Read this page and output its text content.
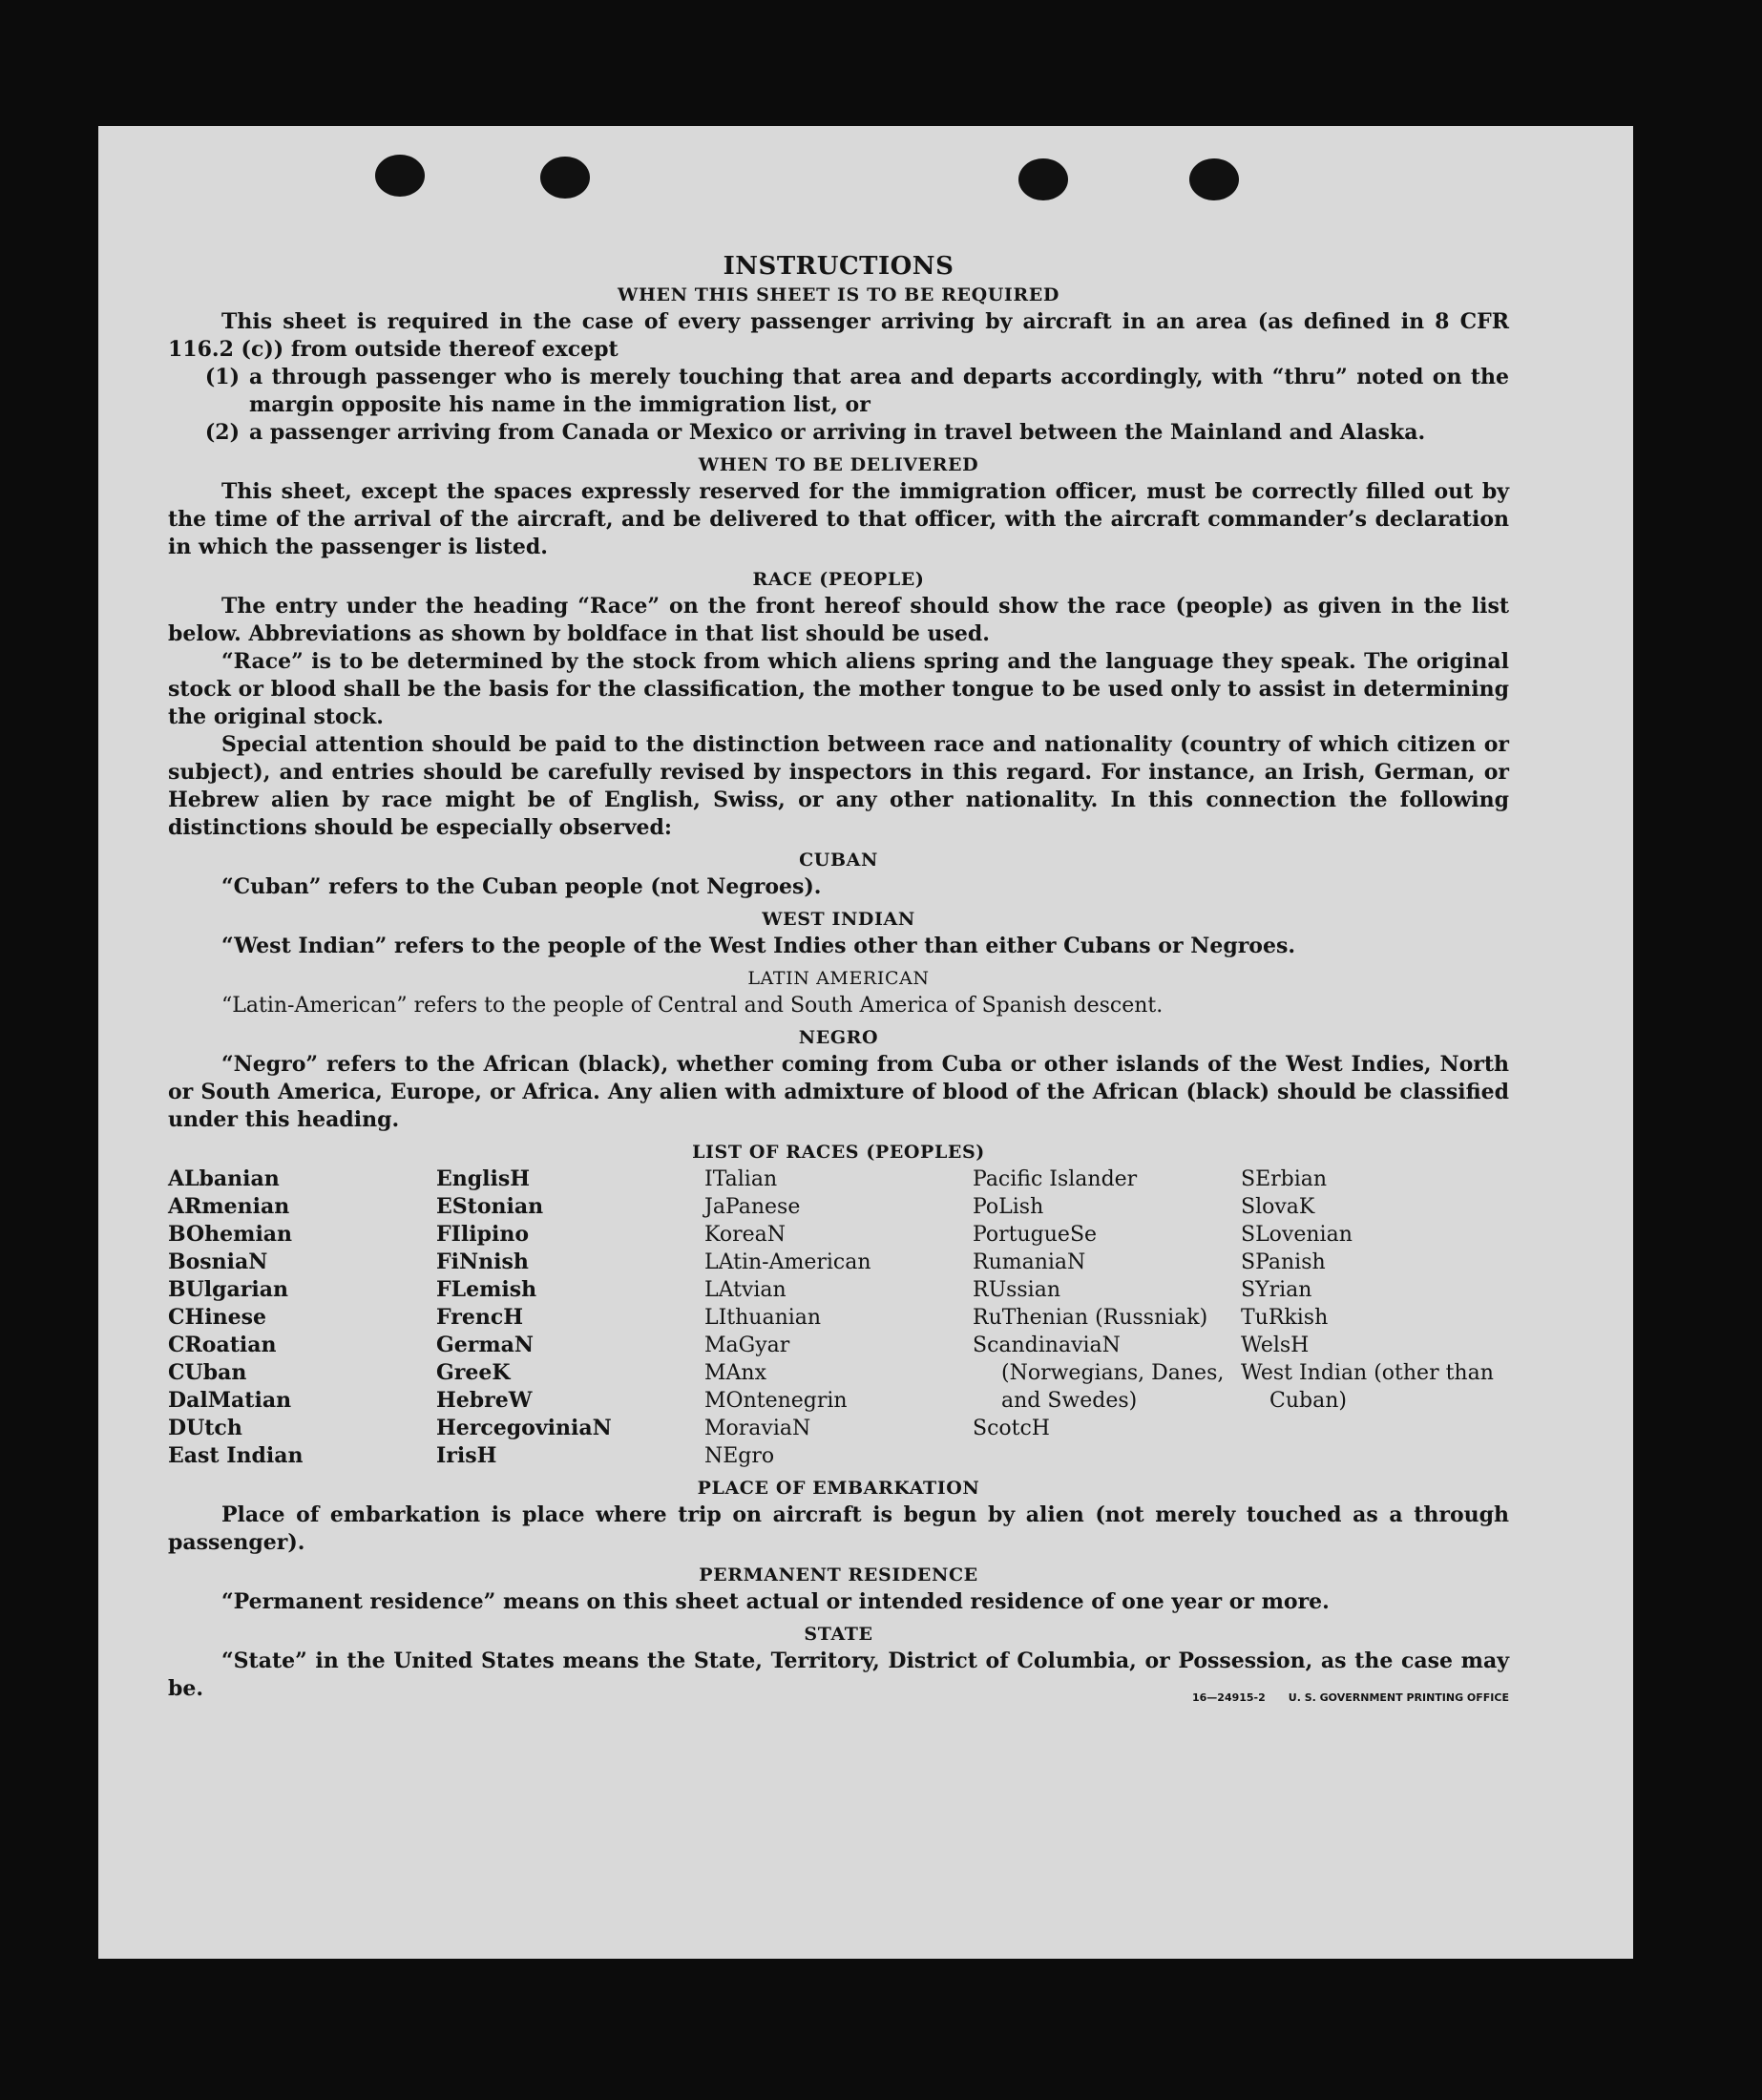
INSTRUCTIONS
WHEN THIS SHEET IS TO BE REQUIRED

This sheet is required in the case of every passenger arriving by aircraft in an area (as defined in 8 CFR 116.2 (c)) from outside thereof except

(1) a through passenger who is merely touching that area and departs accordingly, with “thru” noted on the margin opposite his name in the immigration list, or
(2) a passenger arriving from Canada or Mexico or arriving in travel between the Mainland and Alaska.
WHEN TO BE DELIVERED

This sheet, except the spaces expressly reserved for the immigration officer, must be correctly filled out by the time of the arrival of the aircraft, and be delivered to that officer, with the aircraft commander’s declaration in which the passenger is listed.

RACE (PEOPLE)

The entry under the heading “Race” on the front hereof should show the race (people) as given in the list below. Abbreviations as shown by boldface in that list should be used.

“Race” is to be determined by the stock from which aliens spring and the language they speak. The original stock or blood shall be the basis for the classification, the mother tongue to be used only to assist in determining the original stock.

Special attention should be paid to the distinction between race and nationality (country of which citizen or subject), and entries should be carefully revised by inspectors in this regard. For instance, an Irish, German, or Hebrew alien by race might be of English, Swiss, or any other nationality. In this connection the following distinctions should be especially observed:

CUBAN

“Cuban” refers to the Cuban people (not Negroes).

WEST INDIAN

“West Indian” refers to the people of the West Indies other than either Cubans or Negroes.

LATIN AMERICAN

“Latin-American” refers to the people of Central and South America of Spanish descent.

NEGRO

“Negro” refers to the African (black), whether coming from Cuba or other islands of the West Indies, North or South America, Europe, or Africa. Any alien with admixture of blood of the African (black) should be classified under this heading.

LIST OF RACES (PEOPLES)
ALbanian
ARmenian
BOhemian
BosniaN
BUlgarian
CHinese
CRoatian
CUban
DalMatian
DUtch
East Indian
EnglisH
EStonian
FIlipino
FiNnish
FLemish
FrencH
GermaN
GreeK
HebreW
HercegoviniaN
IrisH
ITalian
JaPanese
KoreaN
LAtin-American
LAtvian
LIthuanian
MaGyar
MAnx
MOntenegrin
MoraviaN
NEgro
Pacific Islander
PoLish
PortugueSe
RumaniaN
RUssian
RuThenian (Russniak)
ScandinaviaN (Norwegians, Danes, and Swedes)
ScotcH
SErbian
SlovaK
SLovenian
SPanish
SYrian
TuRkish
WelsH
West Indian (other than Cuban)
PLACE OF EMBARKATION

Place of embarkation is place where trip on aircraft is begun by alien (not merely touched as a through passenger).

PERMANENT RESIDENCE

“Permanent residence” means on this sheet actual or intended residence of one year or more.

STATE

“State” in the United States means the State, Territory, District of Columbia, or Possession, as the case may be.	16—24915-2 U. S. GOVERNMENT PRINTING OFFICE
